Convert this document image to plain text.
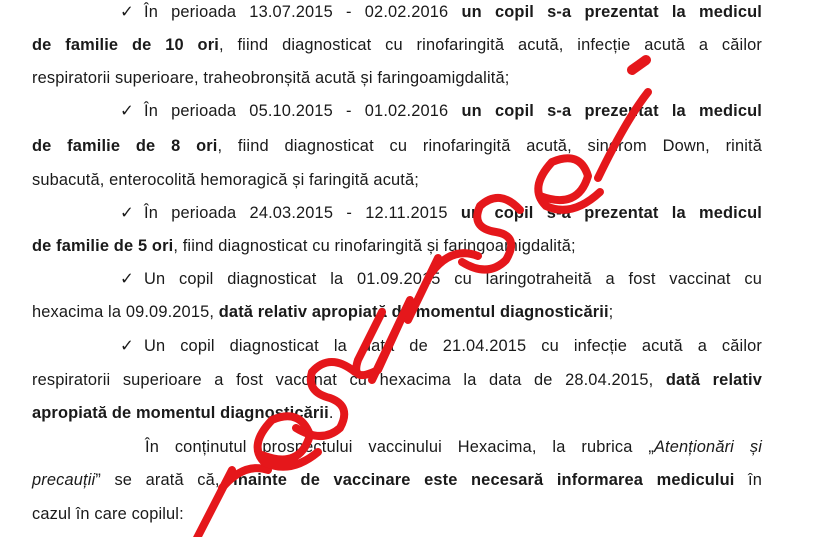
✓ În perioada 13.07.2015 - 02.02.2016 un copil s-a prezentat la medicul
de familie de 10 ori, fiind diagnosticat cu rinofaringită acută, infecție acută a căilor
respiratorii superioare, traheobronșită acută și faringoamigdalită;
✓ În perioada 05.10.2015 - 01.02.2016 un copil s-a prezentat la medicul
de familie de 8 ori, fiind diagnosticat cu rinofaringită acută, sindrom Down, rinită
subacută, enterocolită hemoragică și faringită acută;
✓ În perioada 24.03.2015 - 12.11.2015 un copil s-a prezentat la medicul
de familie de 5 ori, fiind diagnosticat cu rinofaringită și faringoamigdalită;
✓ Un copil diagnosticat la 01.09.2015 cu laringotraheită a fost vaccinat cu
hexacima la 09.09.2015, dată relativ apropiată de momentul diagnosticării;
✓ Un copil diagnosticat la data de 21.04.2015 cu infecție acută a căilor
respiratorii superioare a fost vaccinat cu hexacima la data de 28.04.2015, dată relativ
apropiată de momentul diagnosticării.
În conținutul prospectului vaccinului Hexacima, la rubrica „Atenționări și
precauții” se arată că, înainte de vaccinare este necesară informarea medicului în
cazul în care copilul:
